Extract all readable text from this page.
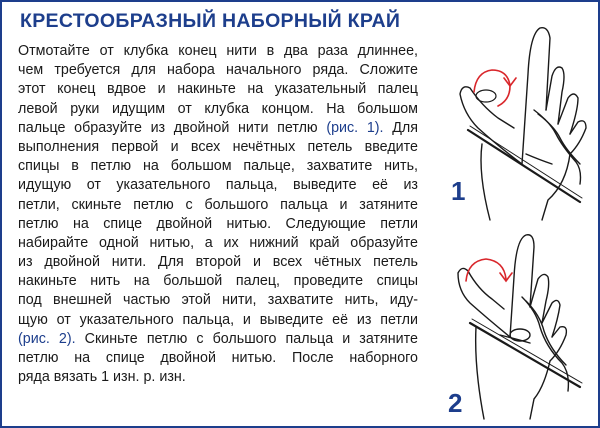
КРЕСТООБРАЗНЫЙ НАБОРНЫЙ КРАЙ
Отмотайте от клубка конец нити в два раза длиннее,
чем требуется для набора начального ряда. Сложите
этот конец вдвое и накиньте на указательный палец
левой руки идущим от клубка концом. На большом
пальце образуйте из двойной нити петлю (рис. 1). Для
выполнения первой и всех нечётных петель введите
спицы в петлю на большом пальце, захватите нить,
идущую от указательного пальца, выведите её из
петли, скиньте петлю с большого пальца и затяните
петлю на спице двойной нитью. Следующие петли
набирайте одной нитью, а их нижний край образуйте
из двойной нити. Для второй и всех чётных петель
накиньте нить на большой палец, проведите спицы
под внешней частью этой нити, захватите нить, иду-
щую от указательного пальца, и выведите её из петли
(рис. 2). Скиньте петлю с большого пальца и затяните
петлю на спице двойной нитью. После наборного
ряда вязать 1 изн. р. изн.
1
2
